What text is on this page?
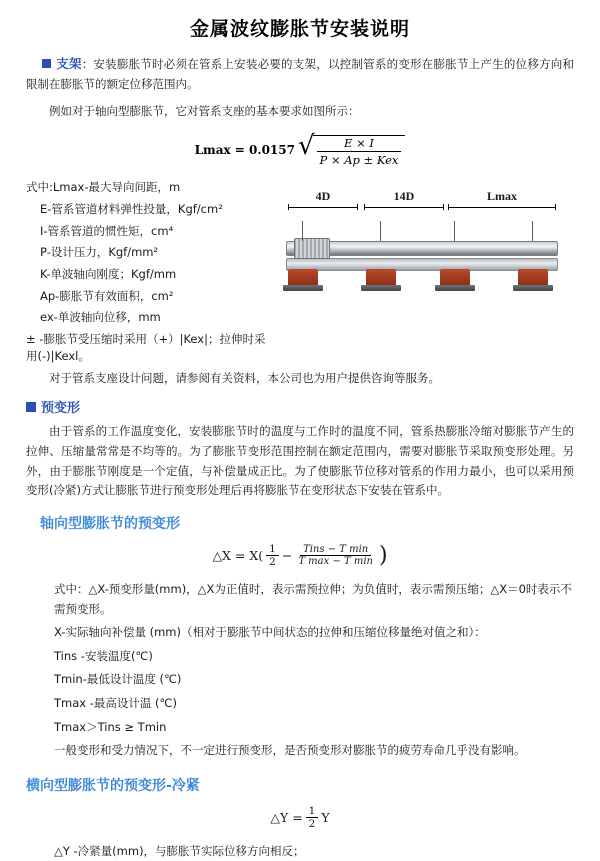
金属波纹膨胀节安装说明

支架：安装膨胀节时必须在管系上安装必要的支架，以控制管系的变形在膨胀节上产生的位移方向和限制在膨胀节的额定位移范围内。

例如对于轴向型膨胀节，它对管系支座的基本要求如图所示：

Lmax = 0.0157 √
$\frac{E \times I}{\text{P × Ap ± Kex}}$
式中:Lmax-最大导向间距，m
E-管系管道材料弹性投量，Kgf/cm²
I-管系管道的惯性矩，cm⁴
P-设计压力，Kgf/mm²
K-单波轴向刚度；Kgf/mm
Ap-膨胀节有效面积，cm²
ex-单波轴向位移，mm
± -膨胀节受压缩时采用（+）|Kex|；拉伸时采用(-)|Kexl。
4D	14D	Lmax

对于管系支座设计问题，请参阅有关资料，本公司也为用户提供咨询等服务。

预变形

由于管系的工作温度变化，安装膨胀节时的温度与工作时的温度不同，管系热膨胀冷缩对膨胀节产生的拉伸、压缩量常常是不均等的。为了膨胀节变形范围控制在额定范围内，需要对膨胀节采取预变形处理。另外，由于膨胀节刚度是一个定值，与补偿量成正比。为了使膨胀节位移对管系的作用力最小，也可以采用预变形(冷紧)方式让膨胀节进行预变形处理后再将膨胀节在变形状态下安装在管系中。

轴向型膨胀节的预变形
△X = X( 1
2 −	Tins − T min
T max − T min )
式中：△X-预变形量(mm)，△X为正值时，表示需预拉伸；为负值时，表示需预压缩；△X＝0时表示不需预变形。
X-实际轴向补偿量 (mm)（相对于膨胀节中间状态的拉伸和压缩位移量绝对值之和）：
Tins -安装温度(℃)
Tmin-最低设计温度 (℃)
Tmax -最高设计温 (℃)
Tmax＞Tins ≥ Tmin
一般变形和受力情况下，不一定进行预变形，是否预变形对膨胀节的疲劳寿命几乎没有影响。
横向型膨胀节的预变形-冷紧
△Y = $\frac{1}{2}$ Y
△Y -冷紧量(mm)，与膨胀节实际位移方向相反；
